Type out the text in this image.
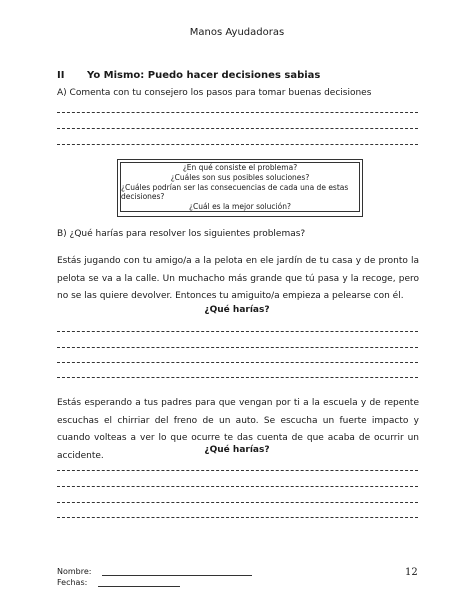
Manos Ayudadoras
II	Yo Mismo: Puedo hacer decisiones sabias
A) Comenta con tu consejero los pasos para tomar buenas decisiones
¿En qué consiste el problema?
¿Cuáles son sus posibles soluciones?
¿Cuáles podrían ser las consecuencias de cada una de estas decisiones?
¿Cuál es la mejor solución?
B) ¿Qué harías para resolver los siguientes problemas?
Estás jugando con tu amigo/a a la pelota en ele jardín de tu casa y de pronto la pelota se va a la calle. Un muchacho más grande que tú pasa y la recoge, pero no se las quiere devolver. Entonces tu amiguito/a empieza a pelearse con él.
¿Qué harías?
Estás esperando a tus padres para que vengan por ti a la escuela y de repente escuchas el chirriar del freno de un auto. Se escucha un fuerte impacto y cuando volteas a ver lo que ocurre te das cuenta de que acaba de ocurrir un accidente.
¿Qué harías?
Nombre:
Fechas:
12
